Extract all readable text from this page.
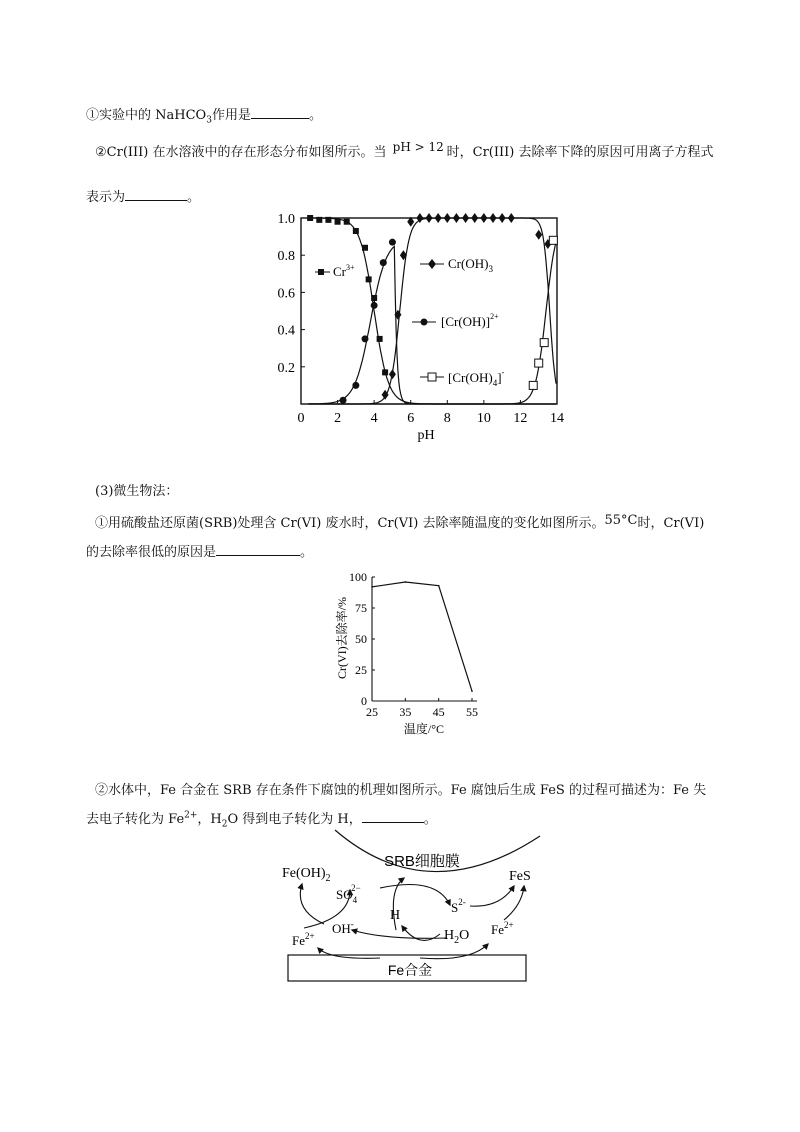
①实验中的 NaHCO$_3$作用是	。
②Cr(III) 在水溶液中的存在形态分布如图所示。当 pH > 12 时，Cr(III) 去除率下降的原因可用离子方程式
表示为	。
0 2 4 6 8 10 12 14
0.2
0.4
0.6
0.8
1.0
pH
$Cr^{3+}$	$Cr(OH)_3$
$[Cr(OH)]^{2+}$
$[Cr(OH)_4]^-$
(3)微生物法：
①用硫酸盐还原菌(SRB)处理含 Cr(VI) 废水时，Cr(VI) 去除率随温度的变化如图所示。55°C时，Cr(VI)
的去除率很低的原因是	。
25 35 45 55
0
25
50
75
100
温度/°C
Cr(VI)去除率/%
②水体中，Fe 合金在 SRB 存在条件下腐蚀的机理如图所示。Fe 腐蚀后生成 FeS 的过程可描述为：Fe 失
去电子转化为 $Fe^{2+}$，$H_2O$ 得到电子转化为 H，	。
Fe合金
SRB细胞膜
$Fe(OH)_2$
$SO_42-$
$S^{2-}$
FeS
H
OH-
$H_2O$
$Fe^{2+}$	$Fe^{2+}$
